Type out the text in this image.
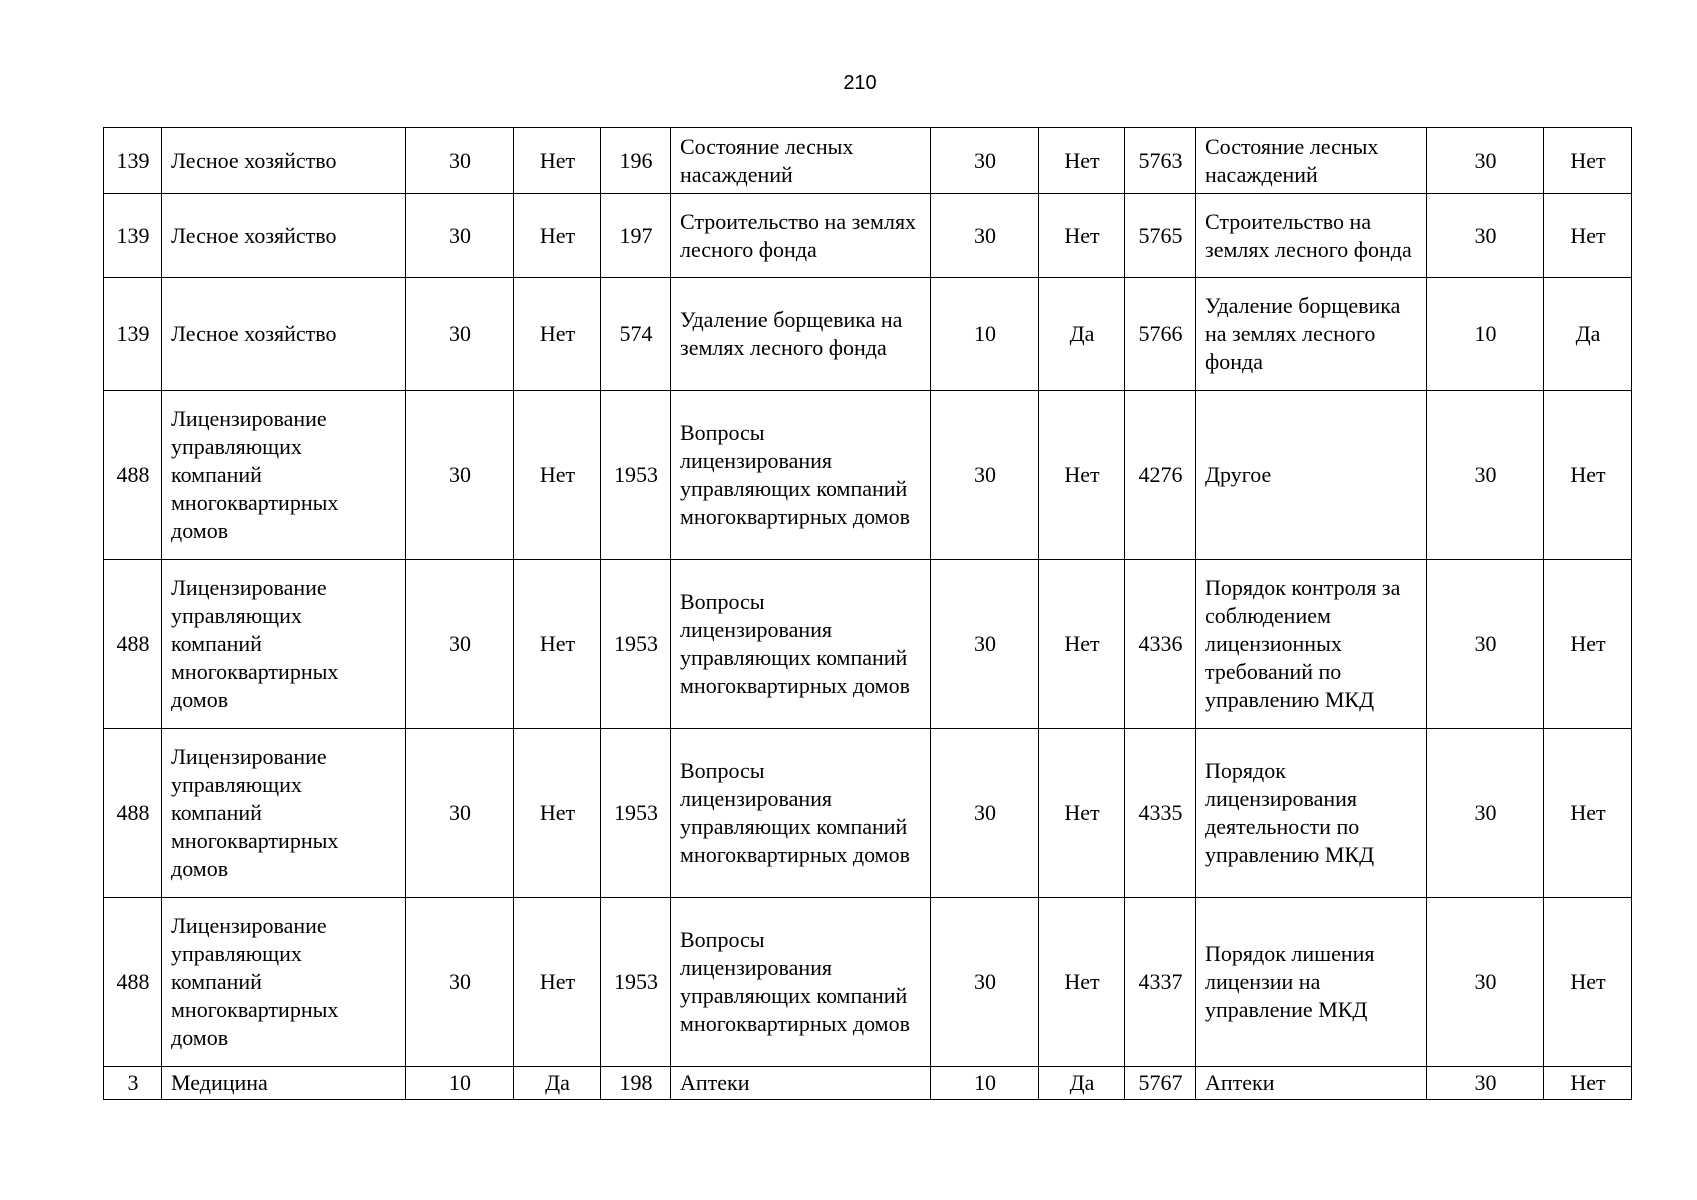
210
139	Лесное хозяйство	30	Нет	196	Состояние лесных насаждений	30	Нет	5763	Состояние лесных насаждений	30	Нет
139	Лесное хозяйство	30	Нет	197	Строительство на землях лесного фонда	30	Нет	5765	Строительство на землях лесного фонда	30	Нет
139	Лесное хозяйство	30	Нет	574	Удаление борщевика на землях лесного фонда	10	Да	5766	Удаление борщевика на землях лесного фонда	10	Да
488	Лицензирование управляющих компаний многоквартирных домов	30	Нет	1953	Вопросы лицензирования управляющих компаний многоквартирных домов	30	Нет	4276	Другое	30	Нет
488	Лицензирование управляющих компаний многоквартирных домов	30	Нет	1953	Вопросы лицензирования управляющих компаний многоквартирных домов	30	Нет	4336	Порядок контроля за соблюдением лицензионных требований по управлению МКД	30	Нет
488	Лицензирование управляющих компаний многоквартирных домов	30	Нет	1953	Вопросы лицензирования управляющих компаний многоквартирных домов	30	Нет	4335	Порядок лицензирования деятельности по управлению МКД	30	Нет
488	Лицензирование управляющих компаний многоквартирных домов	30	Нет	1953	Вопросы лицензирования управляющих компаний многоквартирных домов	30	Нет	4337	Порядок лишения лицензии на управление МКД	30	Нет
3	Медицина	10	Да	198	Аптеки	10	Да	5767	Аптеки	30	Нет
